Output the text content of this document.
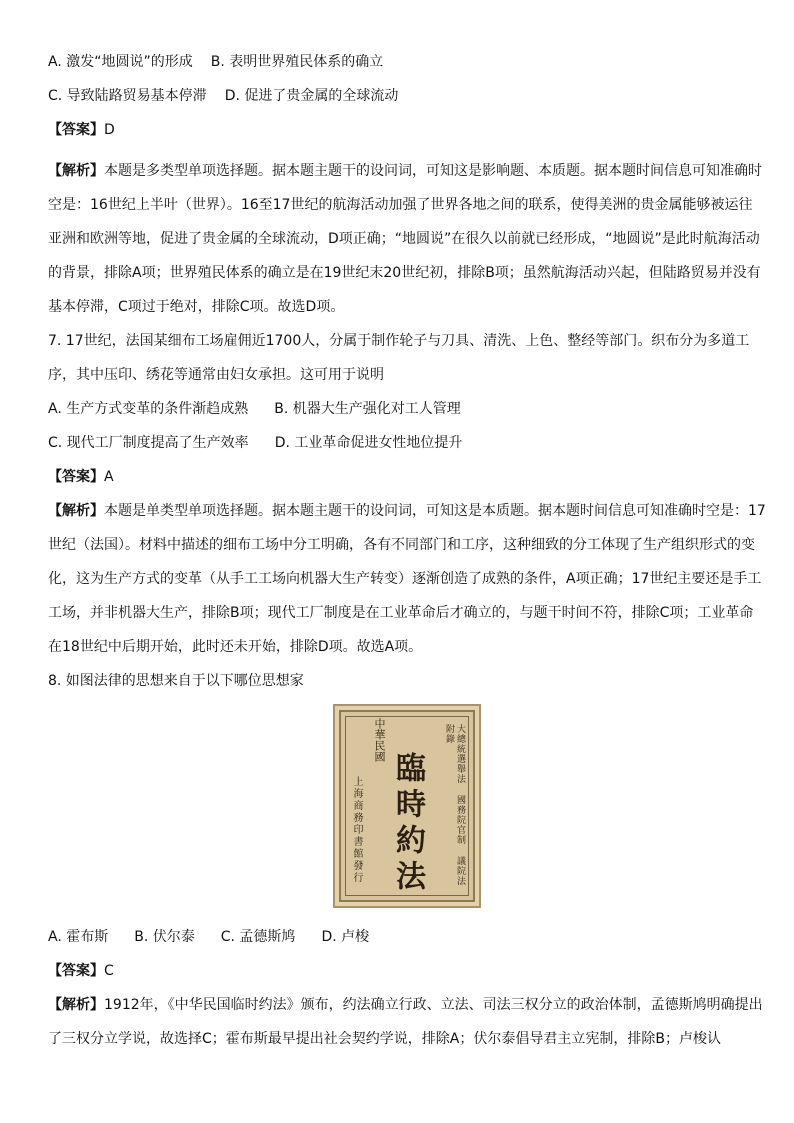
A. 激发“地圆说”的形成 B. 表明世界殖民体系的确立
C. 导致陆路贸易基本停滞 D. 促进了贵金属的全球流动
【答案】D

【解析】本题是多类型单项选择题。据本题主题干的设问词，可知这是影响题、本质题。据本题时间信息可知准确时空是：16世纪上半叶（世界）。16至17世纪的航海活动加强了世界各地之间的联系，使得美洲的贵金属能够被运往亚洲和欧洲等地，促进了贵金属的全球流动，D项正确；“地圆说”在很久以前就已经形成，“地圆说”是此时航海活动的背景，排除A项；世界殖民体系的确立是在19世纪末20世纪初，排除B项；虽然航海活动兴起，但陆路贸易并没有基本停滞，C项过于绝对，排除C项。故选D项。

7. 17世纪，法国某细布工场雇佣近1700人，分属于制作轮子与刀具、清洗、上色、整经等部门。织布分为多道工序，其中压印、绣花等通常由妇女承担。这可用于说明

A. 生产方式变革的条件渐趋成熟 B. 机器大生产强化对工人管理
C. 现代工厂制度提高了生产效率 D. 工业革命促进女性地位提升
【答案】A

【解析】本题是单类型单项选择题。据本题主题干的设问词，可知这是本质题。据本题时间信息可知准确时空是：17世纪（法国）。材料中描述的细布工场中分工明确，各有不同部门和工序，这种细致的分工体现了生产组织形式的变化，这为生产方式的变革（从手工工场向机器大生产转变）逐渐创造了成熟的条件，A项正确；17世纪主要还是手工工场，并非机器大生产，排除B项；现代工厂制度是在工业革命后才确立的，与题干时间不符，排除C项；工业革命在18世纪中后期开始，此时还未开始，排除D项。故选A项。

8. 如图法律的思想来自于以下哪位思想家

大總統選舉法 國務院官制 議院法 附錄
中華民國
臨時約法
上海商務印書館發行
A. 霍布斯 B. 伏尔泰 C. 孟德斯鸠 D. 卢梭
【答案】C

【解析】1912年，《中华民国临时约法》颁布，约法确立行政、立法、司法三权分立的政治体制，孟德斯鸠明确提出了三权分立学说，故选择C；霍布斯最早提出社会契约学说，排除A；伏尔泰倡导君主立宪制，排除B；卢梭认
